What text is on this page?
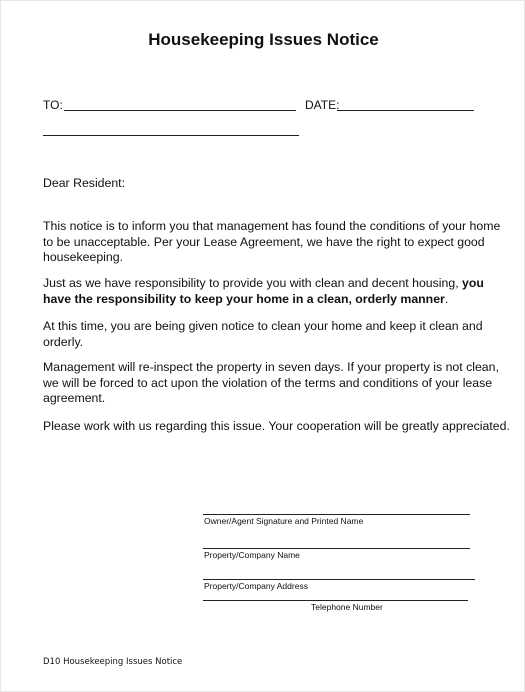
Housekeeping Issues Notice
TO:	DATE:
Dear Resident:
This notice is to inform you that management has found the conditions of your home to be unacceptable. Per your Lease Agreement, we have the right to expect good housekeeping.
Just as we have responsibility to provide you with clean and decent housing, you have the responsibility to keep your home in a clean, orderly manner.
At this time, you are being given notice to clean your home and keep it clean and orderly.
Management will re-inspect the property in seven days. If your property is not clean, we will be forced to act upon the violation of the terms and conditions of your lease agreement.
Please work with us regarding this issue. Your cooperation will be greatly appreciated.
Owner/Agent Signature and Printed Name
Property/Company Name
Property/Company Address
Telephone Number
D10 Housekeeping Issues Notice
